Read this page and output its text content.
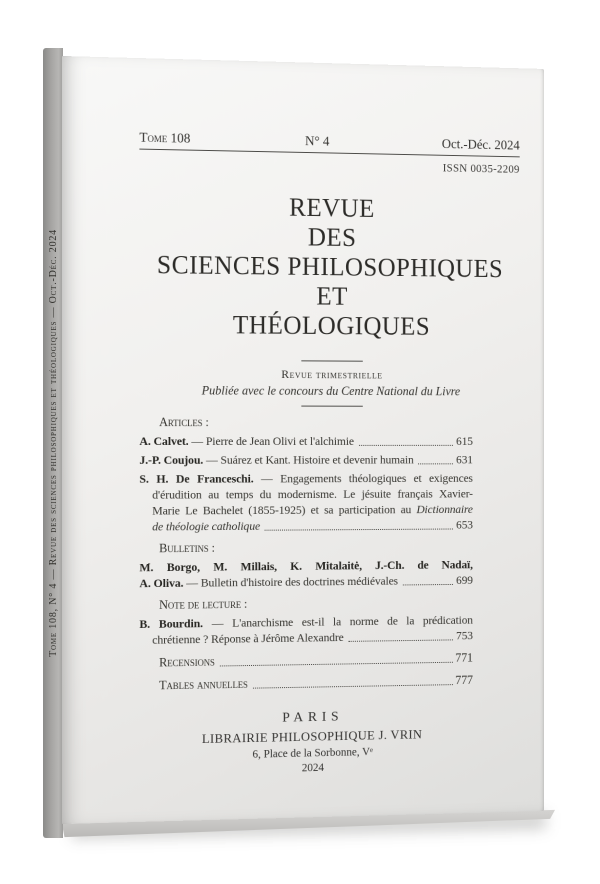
Tome 108, N° 4 — Revue des sciences philosophiques et théologiques — Oct.-Déc. 2024
Tome 108	N° 4	Oct.-Déc. 2024
ISSN 0035-2209
REVUE
DES
SCIENCES PHILOSOPHIQUES
ET
THÉOLOGIQUES
Revue trimestrielle
Publiée avec le concours du Centre National du Livre
Articles :
A. Calvet. — Pierre de Jean Olivi et l'alchimie	615
J.-P. Coujou. — Suárez et Kant. Histoire et devenir humain	631
S. H. De Franceschi. — Engagements théologiques et exigences
d'érudition au temps du modernisme. Le jésuite français Xavier-
Marie Le Bachelet (1855-1925) et sa participation au Dictionnaire
de théologie catholique	653
Bulletins :
M. Borgo, M. Millais, K. Mitalaitė, J.-Ch. de Nadaï,
A. Oliva. — Bulletin d'histoire des doctrines médiévales	699
Note de lecture :
B. Bourdin. — L'anarchisme est-il la norme de la prédication
chrétienne ? Réponse à Jérôme Alexandre	753
Recensions	771
Tables annuelles	777
PARIS
LIBRAIRIE PHILOSOPHIQUE J. VRIN
6, Place de la Sorbonne, Vᵉ
2024
